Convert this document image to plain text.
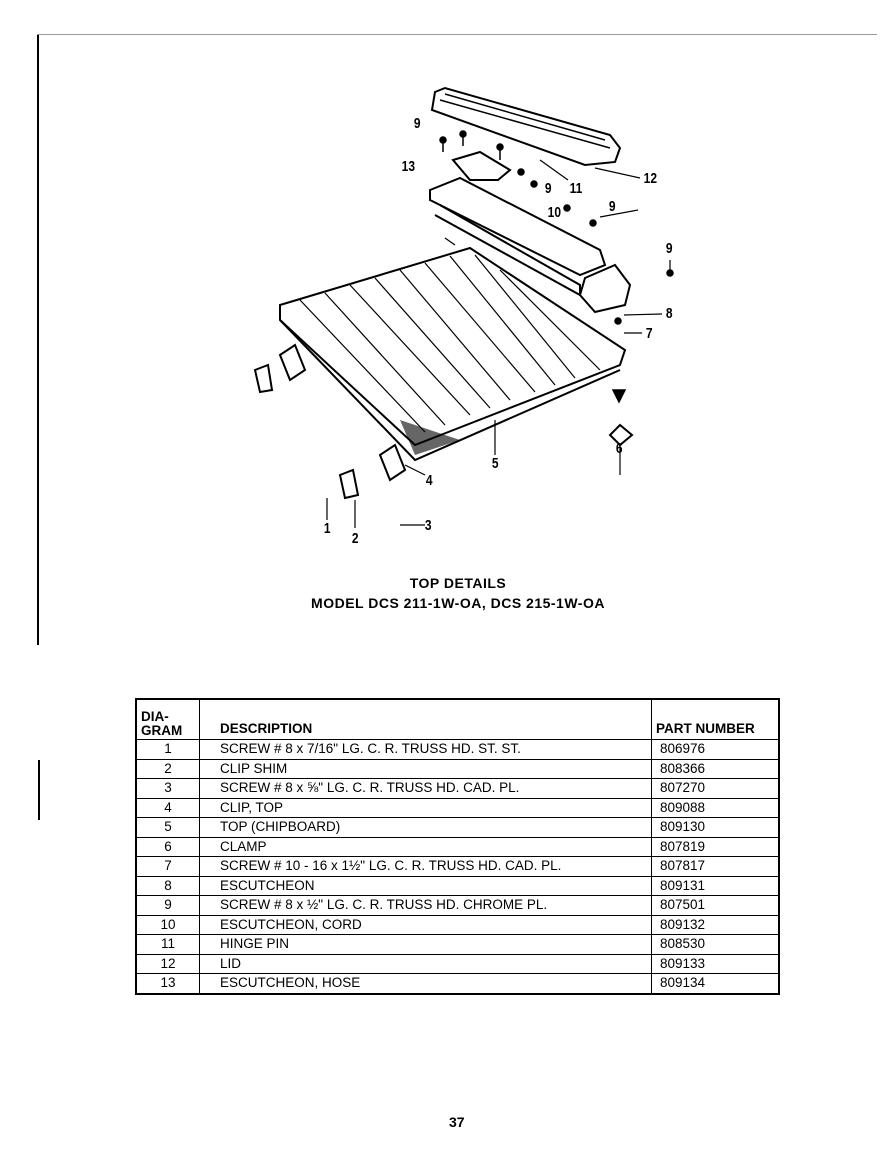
9
13
9 11
12
10	9
9
8
7
6
5
4
3
2
1
TOP DETAILS
MODEL DCS 211-1W-OA, DCS 215-1W-OA
DIA-
GRAM	DESCRIPTION	PART NUMBER
1	SCREW # 8 x 7/16" LG. C. R. TRUSS HD. ST. ST.	806976
2	CLIP SHIM	808366
3	SCREW # 8 x ⅝" LG. C. R. TRUSS HD. CAD. PL.	807270
4	CLIP, TOP	809088
5	TOP (CHIPBOARD)	809130
6	CLAMP	807819
7	SCREW # 10 - 16 x 1½" LG. C. R. TRUSS HD. CAD. PL.	807817
8	ESCUTCHEON	809131
9	SCREW # 8 x ½" LG. C. R. TRUSS HD. CHROME PL.	807501
10	ESCUTCHEON, CORD	809132
11	HINGE PIN	808530
12	LID	809133
13	ESCUTCHEON, HOSE	809134
37
